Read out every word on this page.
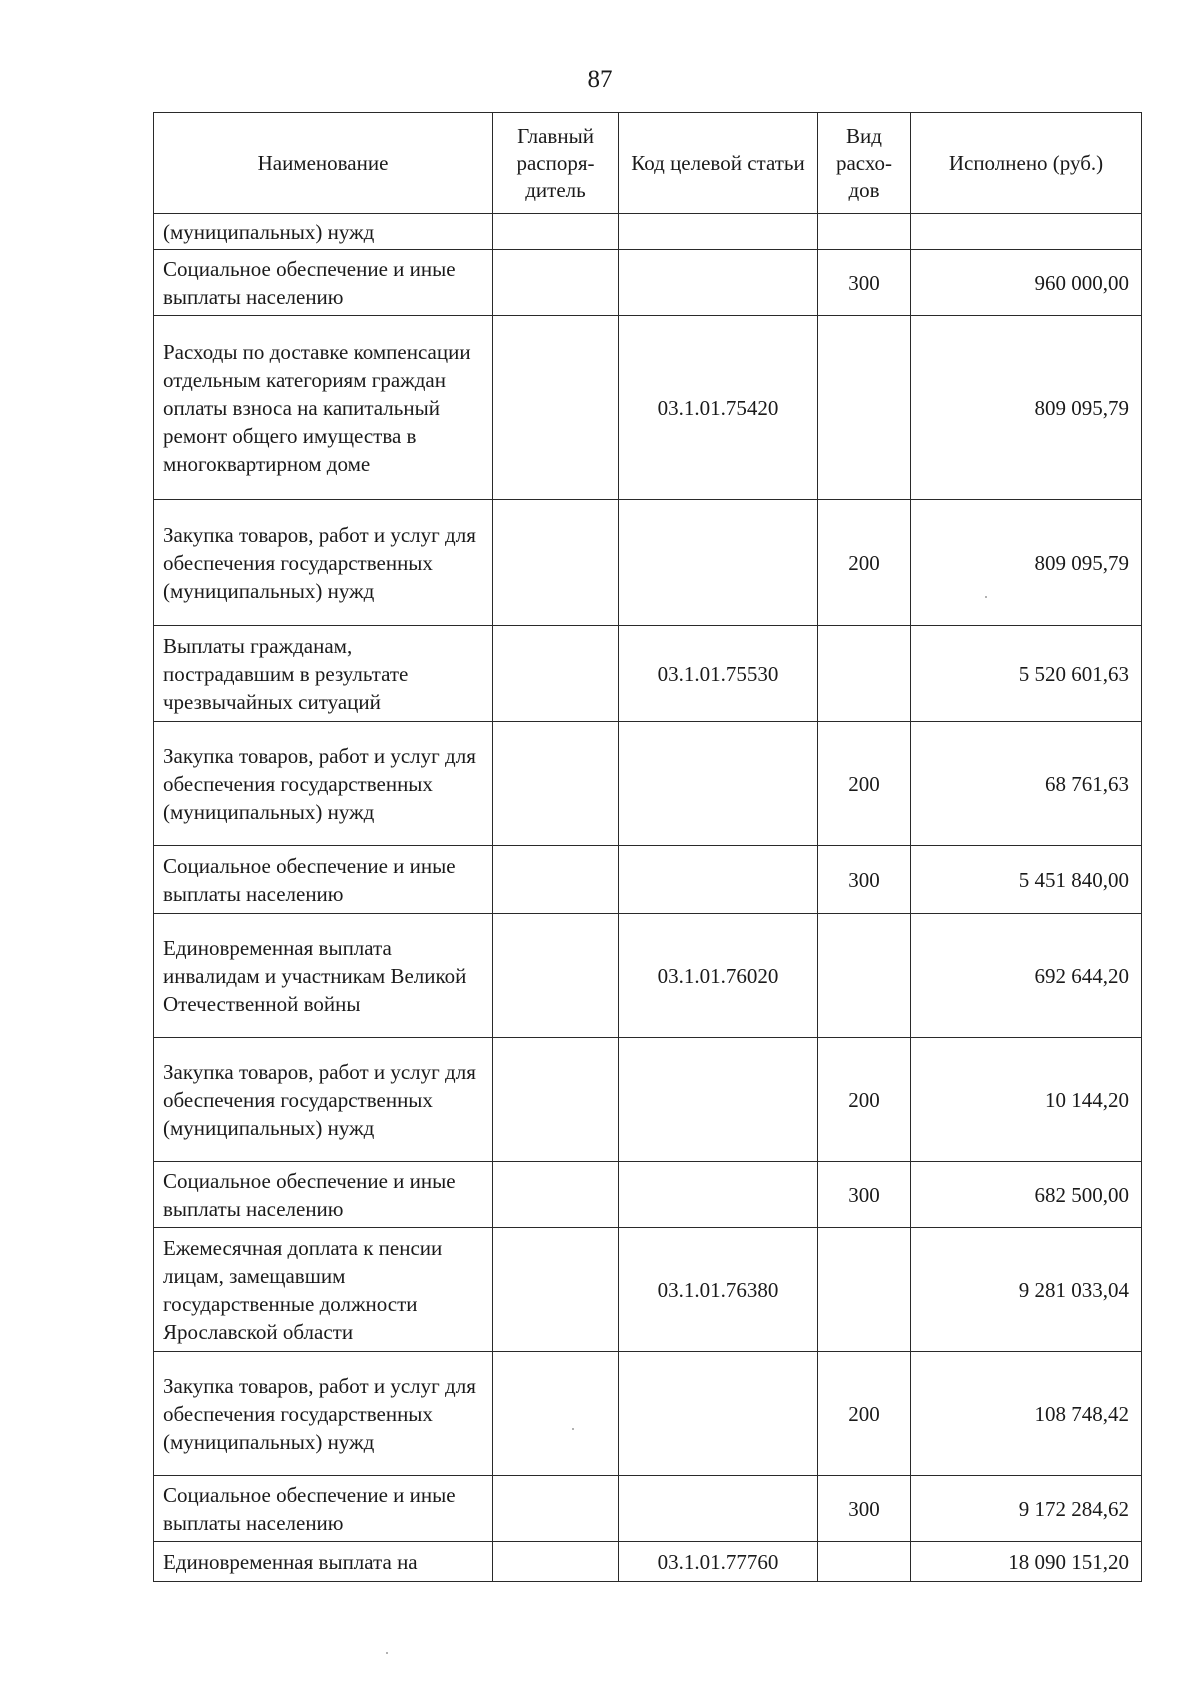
87
Наименование	Главный распоря-дитель	Код целевой статьи	Вид расхо-дов	Исполнено (руб.)
(муниципальных) нужд				
Социальное обеспечение и иные выплаты населению			300	960 000,00
Расходы по доставке компенсации отдельным категориям граждан оплаты взноса на капитальный ремонт общего имущества в многоквартирном доме		03.1.01.75420		809 095,79
Закупка товаров, работ и услуг для обеспечения государственных (муниципальных) нужд			200	809 095,79
Выплаты гражданам, пострадавшим в результате чрезвычайных ситуаций		03.1.01.75530		5 520 601,63
Закупка товаров, работ и услуг для обеспечения государственных (муниципальных) нужд			200	68 761,63
Социальное обеспечение и иные выплаты населению			300	5 451 840,00
Единовременная выплата инвалидам и участникам Великой Отечественной войны		03.1.01.76020		692 644,20
Закупка товаров, работ и услуг для обеспечения государственных (муниципальных) нужд			200	10 144,20
Социальное обеспечение и иные выплаты населению			300	682 500,00
Ежемесячная доплата к пенсии лицам, замещавшим государственные должности Ярославской области		03.1.01.76380		9 281 033,04
Закупка товаров, работ и услуг для обеспечения государственных (муниципальных) нужд			200	108 748,42
Социальное обеспечение и иные выплаты населению			300	9 172 284,62
Единовременная выплата на		03.1.01.77760		18 090 151,20
